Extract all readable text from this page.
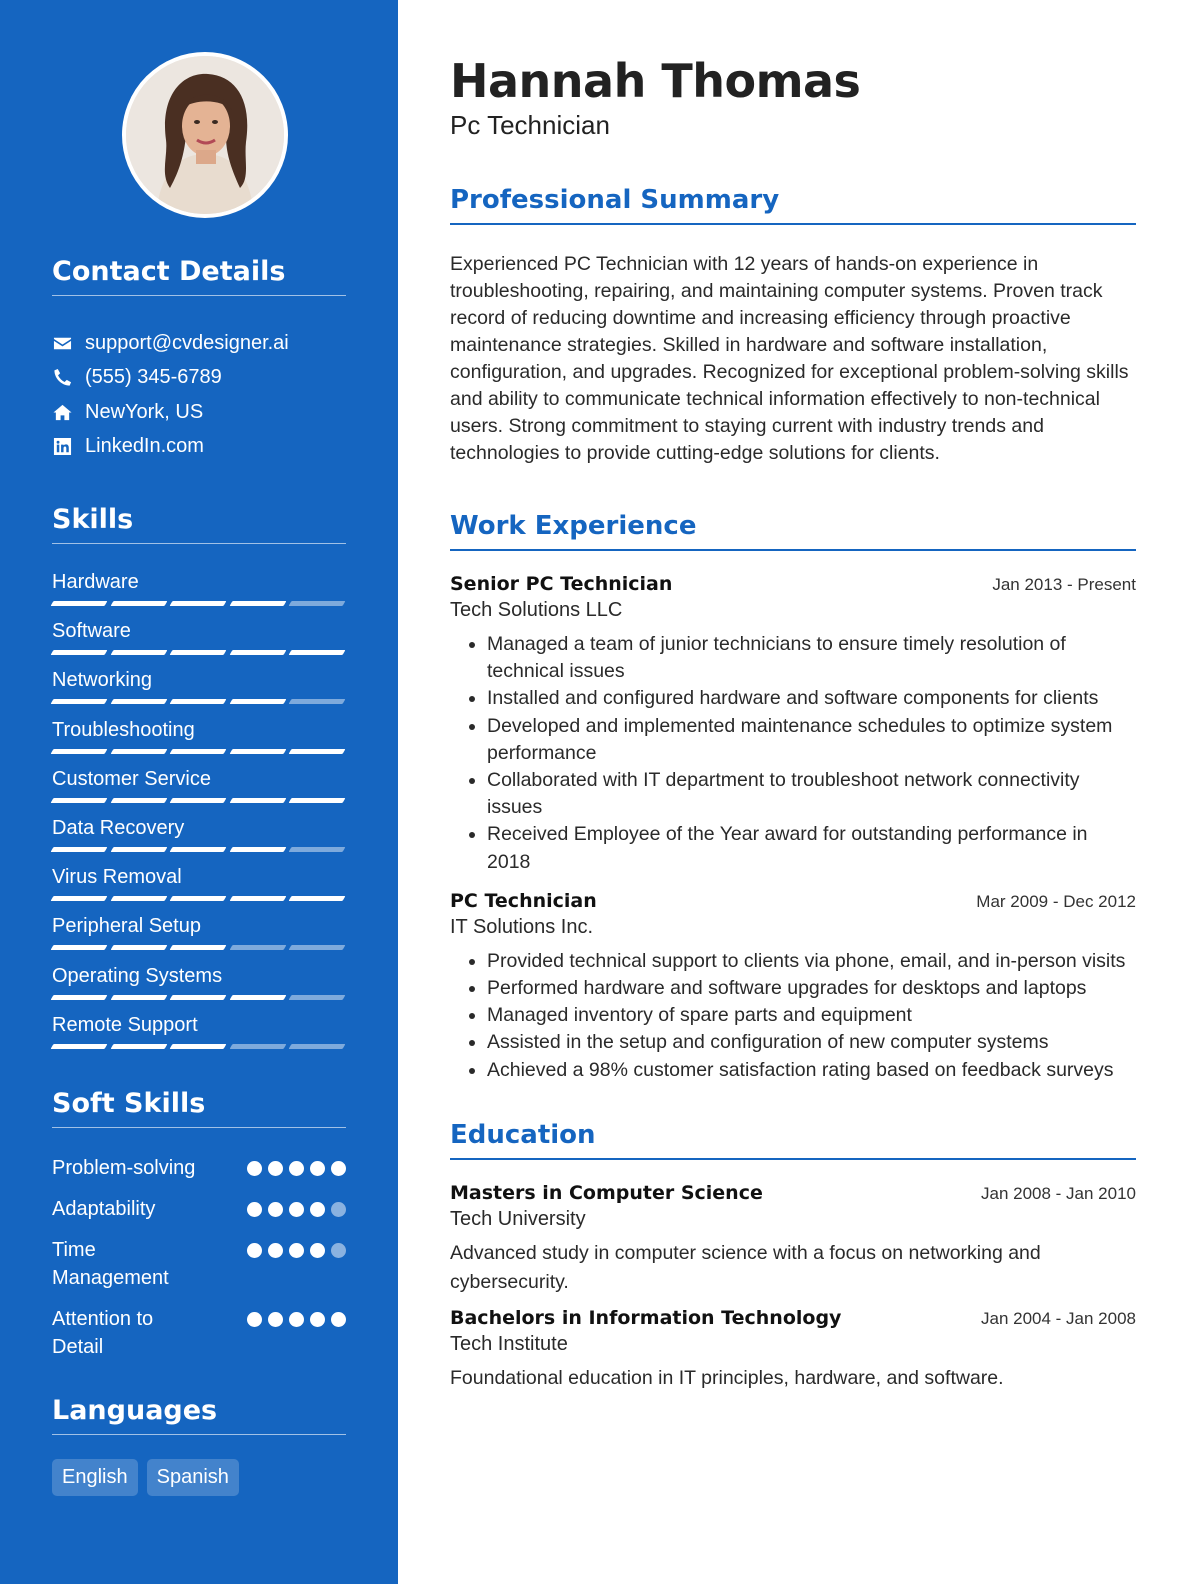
Contact Details
support@cvdesigner.ai
(555) 345-6789
NewYork, US
LinkedIn.com
Skills
Hardware
Software
Networking
Troubleshooting
Customer Service
Data Recovery
Virus Removal
Peripheral Setup
Operating Systems
Remote Support
Soft Skills
Problem-solving
Adaptability
Time Management
Attention to Detail
Languages
English	Spanish
Hannah Thomas
Pc Technician
Professional Summary

Experienced PC Technician with 12 years of hands-on experience in troubleshooting, repairing, and maintaining computer systems. Proven track record of reducing downtime and increasing efficiency through proactive maintenance strategies. Skilled in hardware and software installation, configuration, and upgrades. Recognized for exceptional problem-solving skills and ability to communicate technical information effectively to non-technical users. Strong commitment to staying current with industry trends and technologies to provide cutting-edge solutions for clients.

Work Experience
Senior PC Technician	Jan 2013 - Present
Tech Solutions LLC
• Managed a team of junior technicians to ensure timely resolution of technical issues
• Installed and configured hardware and software components for clients
• Developed and implemented maintenance schedules to optimize system performance
• Collaborated with IT department to troubleshoot network connectivity issues
• Received Employee of the Year award for outstanding performance in 2018
PC Technician	Mar 2009 - Dec 2012
IT Solutions Inc.
• Provided technical support to clients via phone, email, and in-person visits
• Performed hardware and software upgrades for desktops and laptops
• Managed inventory of spare parts and equipment
• Assisted in the setup and configuration of new computer systems
• Achieved a 98% customer satisfaction rating based on feedback surveys
Education
Masters in Computer Science	Jan 2008 - Jan 2010
Tech University
Advanced study in computer science with a focus on networking and cybersecurity.
Bachelors in Information Technology	Jan 2004 - Jan 2008
Tech Institute
Foundational education in IT principles, hardware, and software.
